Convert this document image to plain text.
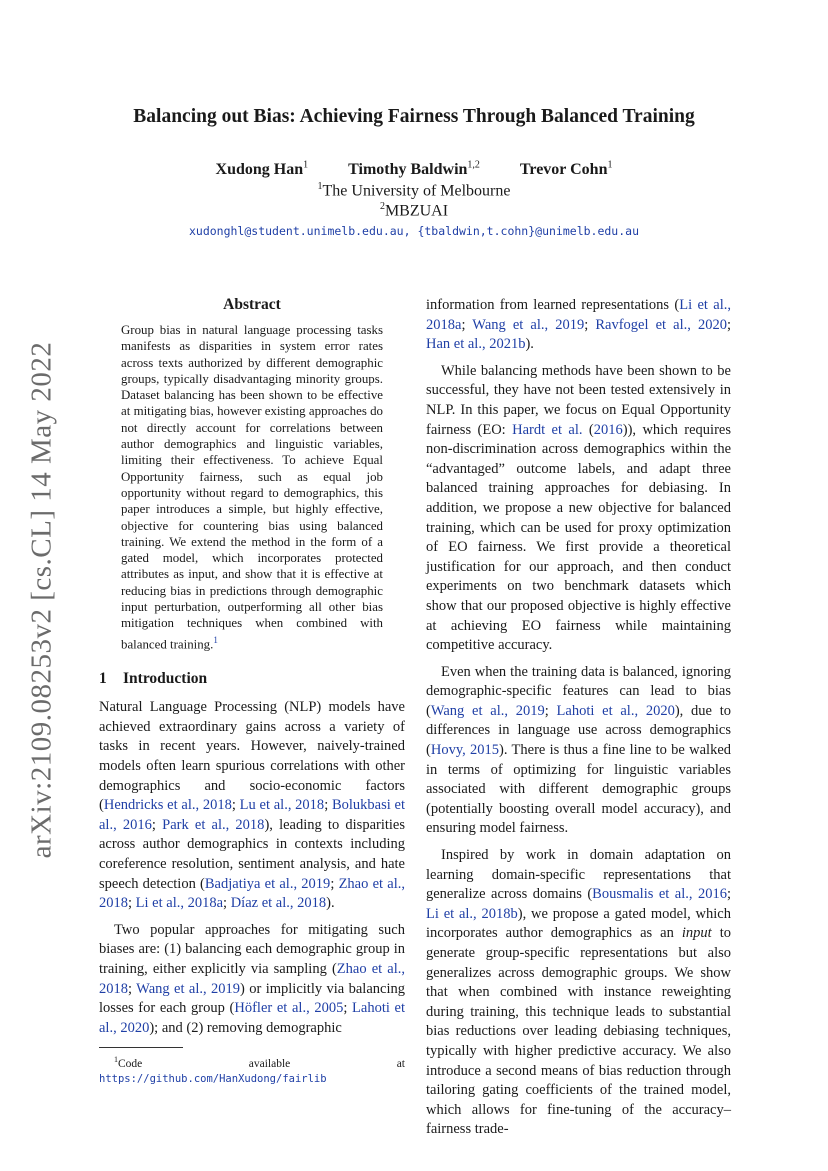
arXiv:2109.08253v2 [cs.CL] 14 May 2022
Balancing out Bias: Achieving Fairness Through Balanced Training
Xudong Han$^1$	Timothy Baldwin$^{1,2}$	Trevor Cohn$^1$
$^1$The University of Melbourne
$^2$MBZUAI
xudonghl@student.unimelb.edu.au, {tbaldwin,t.cohn}@unimelb.edu.au
Abstract

Group bias in natural language processing tasks manifests as disparities in system error rates across texts authorized by different demographic groups, typically disadvantaging minority groups. Dataset balancing has been shown to be effective at mitigating bias, however existing approaches do not directly account for correlations between author demographics and linguistic variables, limiting their effectiveness. To achieve Equal Opportunity fairness, such as equal job opportunity without regard to demographics, this paper introduces a simple, but highly effective, objective for countering bias using balanced training. We extend the method in the form of a gated model, which incorporates protected attributes as input, and show that it is effective at reducing bias in predictions through demographic input perturbation, outperforming all other bias mitigation techniques when combined with balanced training.$^1$

1 Introduction

Natural Language Processing (NLP) models have achieved extraordinary gains across a variety of tasks in recent years. However, naively-trained models often learn spurious correlations with other demographics and socio-economic factors (Hendricks et al., 2018; Lu et al., 2018; Bolukbasi et al., 2016; Park et al., 2018), leading to disparities across author demographics in contexts including coreference resolution, sentiment analysis, and hate speech detection (Badjatiya et al., 2019; Zhao et al., 2018; Li et al., 2018a; Díaz et al., 2018).

Two popular approaches for mitigating such biases are: (1) balancing each demographic group in training, either explicitly via sampling (Zhao et al., 2018; Wang et al., 2019) or implicitly via balancing losses for each group (Höfler et al., 2005; Lahoti et al., 2020); and (2) removing demographic

$^1$Code available at https://github.com/HanXudong/fairlib

information from learned representations (Li et al., 2018a; Wang et al., 2019; Ravfogel et al., 2020; Han et al., 2021b).

While balancing methods have been shown to be successful, they have not been tested extensively in NLP. In this paper, we focus on Equal Opportunity fairness (EO: Hardt et al. (2016)), which requires non-discrimination across demographics within the “advantaged” outcome labels, and adapt three balanced training approaches for debiasing. In addition, we propose a new objective for balanced training, which can be used for proxy optimization of EO fairness. We first provide a theoretical justification for our approach, and then conduct experiments on two benchmark datasets which show that our proposed objective is highly effective at achieving EO fairness while maintaining competitive accuracy.

Even when the training data is balanced, ignoring demographic-specific features can lead to bias (Wang et al., 2019; Lahoti et al., 2020), due to differences in language use across demographics (Hovy, 2015). There is thus a fine line to be walked in terms of optimizing for linguistic variables associated with different demographic groups (potentially boosting overall model accuracy), and ensuring model fairness.

Inspired by work in domain adaptation on learning domain-specific representations that generalize across domains (Bousmalis et al., 2016; Li et al., 2018b), we propose a gated model, which incorporates author demographics as an input to generate group-specific representations but also generalizes across demographic groups. We show that when combined with instance reweighting during training, this technique leads to substantial bias reductions over leading debiasing techniques, typically with higher predictive accuracy. We also introduce a second means of bias reduction through tailoring gating coefficients of the trained model, which allows for fine-tuning of the accuracy–fairness trade-
